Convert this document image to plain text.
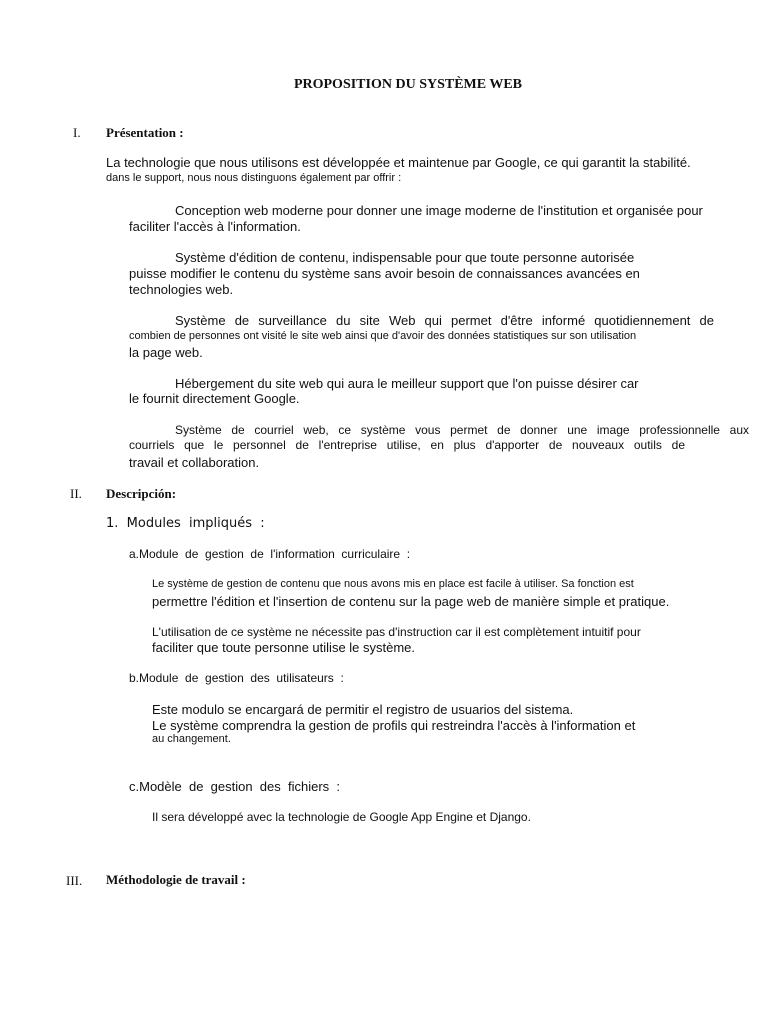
PROPOSITION DU SYSTÈME WEB
I. Présentation :
La technologie que nous utilisons est développée et maintenue par Google, ce qui garantit la stabilité.
dans le support, nous nous distinguons également par offrir :
Conception web moderne pour donner une image moderne de l'institution et organisée pour
faciliter l'accès à l'information.
Système d'édition de contenu, indispensable pour que toute personne autorisée
puisse modifier le contenu du système sans avoir besoin de connaissances avancées en
technologies web.
Système de surveillance du site Web qui permet d'être informé quotidiennement de
combien de personnes ont visité le site web ainsi que d'avoir des données statistiques sur son utilisation
la page web.
Hébergement du site web qui aura le meilleur support que l'on puisse désirer car
le fournit directement Google.
Système de courriel web, ce système vous permet de donner une image professionnelle aux
courriels que le personnel de l'entreprise utilise, en plus d'apporter de nouveaux outils de
travail et collaboration.
II. Descripción:
1.  Modules  impliqués  :
a.Module  de  gestion  de  l'information  curriculaire  :
Le système de gestion de contenu que nous avons mis en place est facile à utiliser. Sa fonction est
permettre l'édition et l'insertion de contenu sur la page web de manière simple et pratique.
L'utilisation de ce système ne nécessite pas d'instruction car il est complètement intuitif pour
faciliter que toute personne utilise le système.
b.Module  de  gestion  des  utilisateurs  :
Este modulo se encargará de permitir el registro de usuarios del sistema.
Le système comprendra la gestion de profils qui restreindra l'accès à l'information et
au changement.
c.Modèle  de  gestion  des  fichiers  :
Il sera développé avec la technologie de Google App Engine et Django.
III. Méthodologie de travail :
